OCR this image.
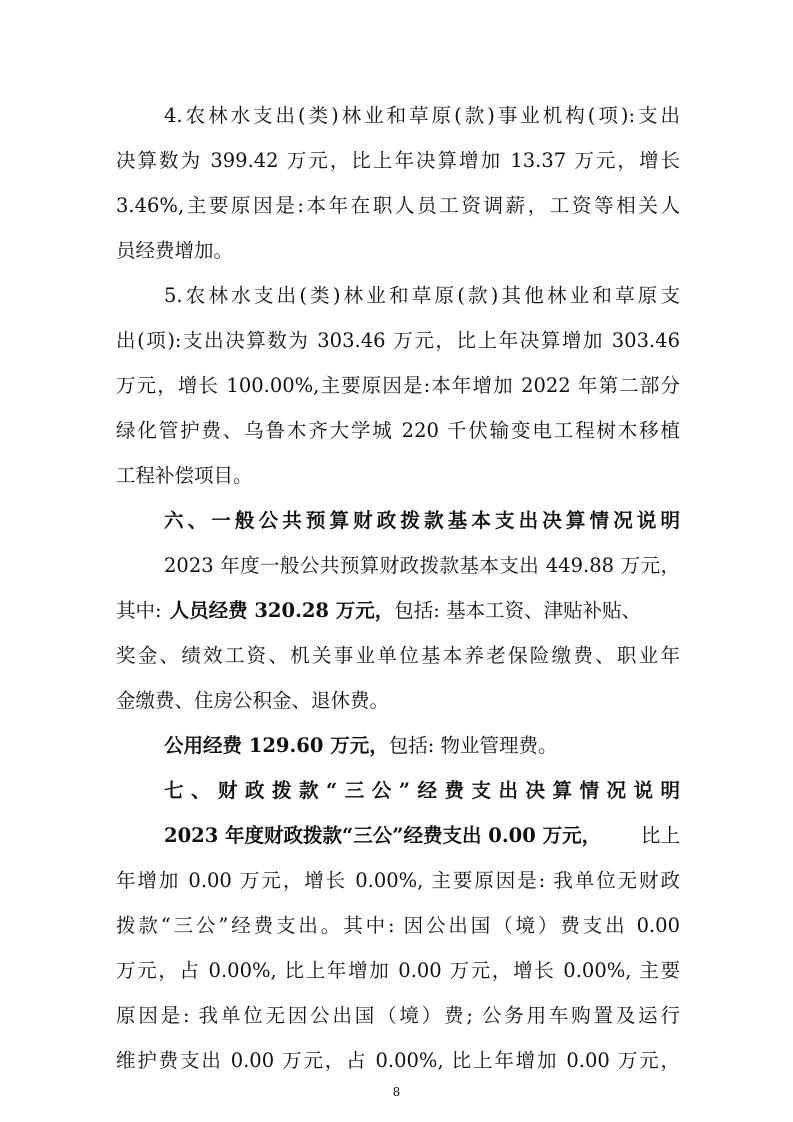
4.农林水支出(类)林业和草原(款)事业机构(项):支出
决算数为 399.42 万元，比上年决算增加 13.37 万元，增长
3.46%,主要原因是:本年在职人员工资调薪，工资等相关人
员经费增加。
5.农林水支出(类)林业和草原(款)其他林业和草原支
出(项):支出决算数为 303.46 万元，比上年决算增加 303.46
万元，增长 100.00%,主要原因是:本年增加 2022 年第二部分
绿化管护费、乌鲁木齐大学城 220 千伏输变电工程树木移植
工程补偿项目。
六、一般公共预算财政拨款基本支出决算情况说明
2023 年度一般公共预算财政拨款基本支出 449.88 万元，
其中: 人员经费 320.28 万元，包括: 基本工资、津贴补贴、
奖金、绩效工资、机关事业单位基本养老保险缴费、职业年
金缴费、住房公积金、退休费。
公用经费 129.60 万元，包括: 物业管理费。
七、财政拨款“三公”经费支出决算情况说明
2023 年度财政拨款“三公”经费支出 0.00 万元， 比上
年增加 0.00 万元，增长 0.00%, 主要原因是: 我单位无财政
拨款“三公”经费支出。其中: 因公出国（境）费支出 0.00
万元，占 0.00%, 比上年增加 0.00 万元，增长 0.00%, 主要
原因是: 我单位无因公出国（境）费; 公务用车购置及运行
维护费支出 0.00 万元，占 0.00%, 比上年增加 0.00 万元，
8
